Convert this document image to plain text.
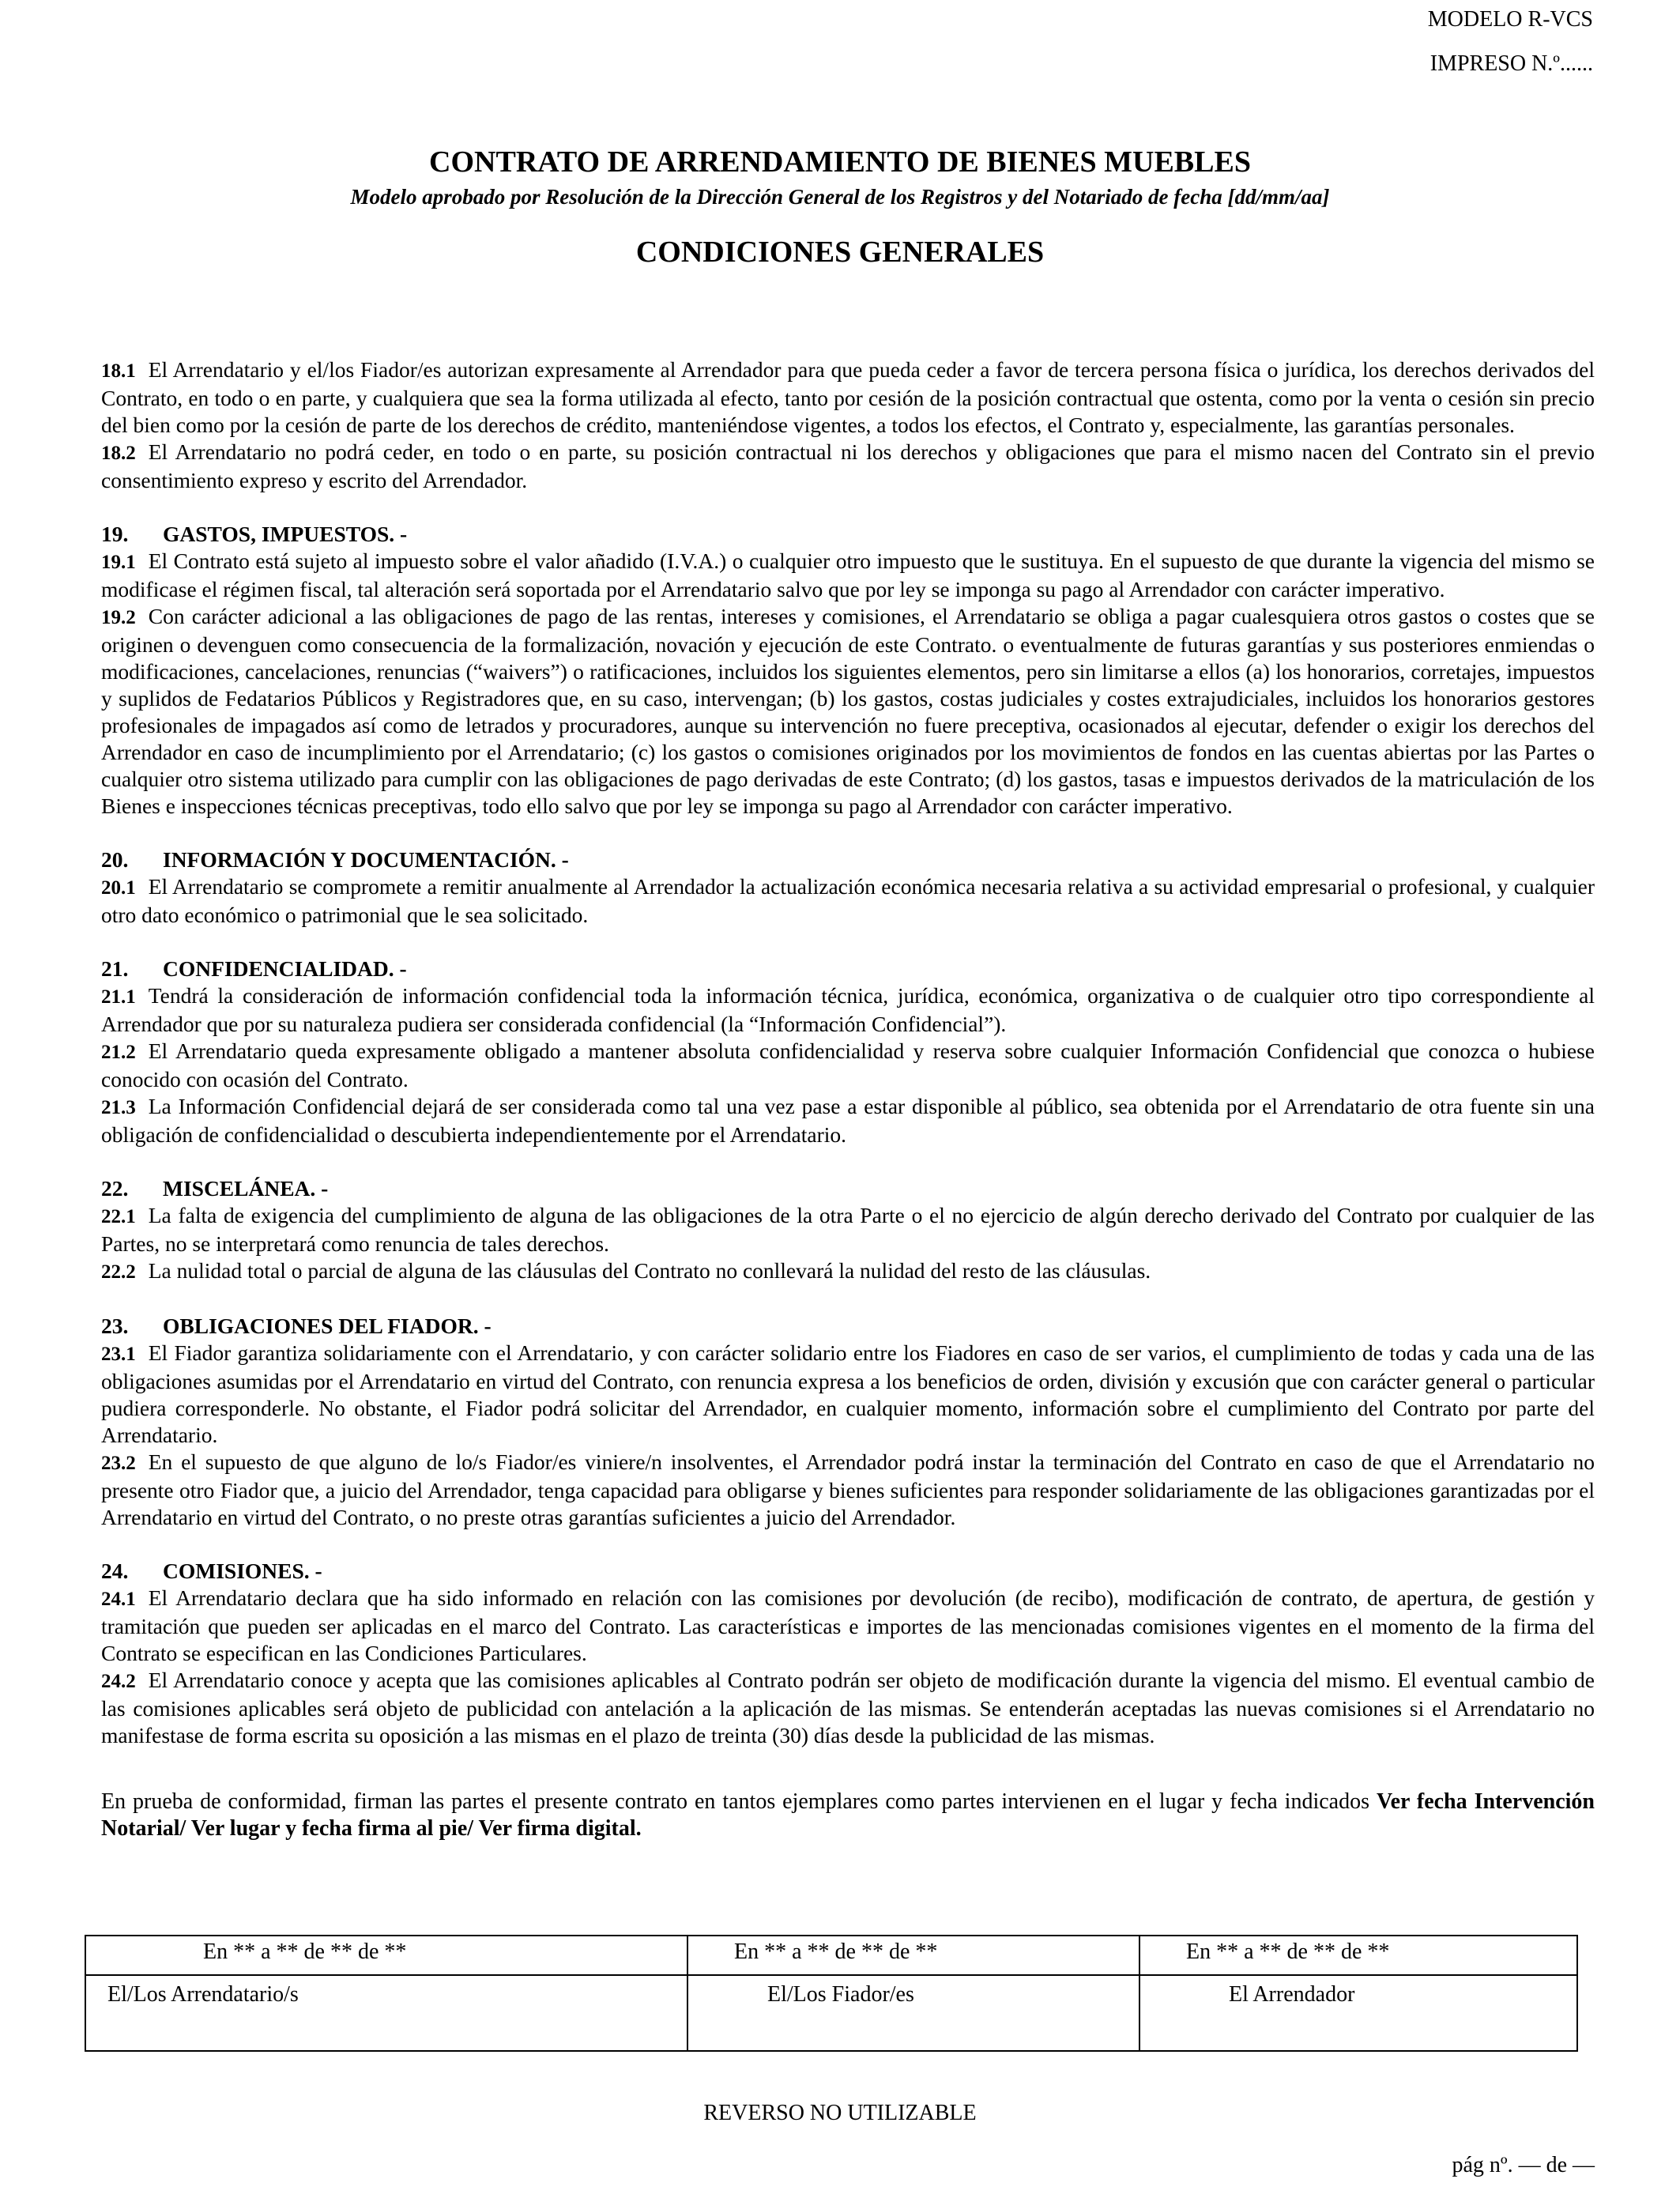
MODELO R-VCS
IMPRESO N.º......
CONTRATO DE ARRENDAMIENTO DE BIENES MUEBLES
Modelo aprobado por Resolución de la Dirección General de los Registros y del Notariado de fecha [dd/mm/aa]
CONDICIONES GENERALES

18.1 El Arrendatario y el/los Fiador/es autorizan expresamente al Arrendador para que pueda ceder a favor de tercera persona física o jurídica, los derechos derivados del Contrato, en todo o en parte, y cualquiera que sea la forma utilizada al efecto, tanto por cesión de la posición contractual que ostenta, como por la venta o cesión sin precio del bien como por la cesión de parte de los derechos de crédito, manteniéndose vigentes, a todos los efectos, el Contrato y, especialmente, las garantías personales.

18.2 El Arrendatario no podrá ceder, en todo o en parte, su posición contractual ni los derechos y obligaciones que para el mismo nacen del Contrato sin el previo consentimiento expreso y escrito del Arrendador.

19. GASTOS, IMPUESTOS. -

19.1 El Contrato está sujeto al impuesto sobre el valor añadido (I.V.A.) o cualquier otro impuesto que le sustituya. En el supuesto de que durante la vigencia del mismo se modificase el régimen fiscal, tal alteración será soportada por el Arrendatario salvo que por ley se imponga su pago al Arrendador con carácter imperativo.

19.2 Con carácter adicional a las obligaciones de pago de las rentas, intereses y comisiones, el Arrendatario se obliga a pagar cualesquiera otros gastos o costes que se originen o devenguen como consecuencia de la formalización, novación y ejecución de este Contrato. o eventualmente de futuras garantías y sus posteriores enmiendas o modificaciones, cancelaciones, renuncias (“waivers”) o ratificaciones, incluidos los siguientes elementos, pero sin limitarse a ellos (a) los honorarios, corretajes, impuestos y suplidos de Fedatarios Públicos y Registradores que, en su caso, intervengan; (b) los gastos, costas judiciales y costes extrajudiciales, incluidos los honorarios gestores profesionales de impagados así como de letrados y procuradores, aunque su intervención no fuere preceptiva, ocasionados al ejecutar, defender o exigir los derechos del Arrendador en caso de incumplimiento por el Arrendatario; (c) los gastos o comisiones originados por los movimientos de fondos en las cuentas abiertas por las Partes o cualquier otro sistema utilizado para cumplir con las obligaciones de pago derivadas de este Contrato; (d) los gastos, tasas e impuestos derivados de la matriculación de los Bienes e inspecciones técnicas preceptivas, todo ello salvo que por ley se imponga su pago al Arrendador con carácter imperativo.

20. INFORMACIÓN Y DOCUMENTACIÓN. -

20.1 El Arrendatario se compromete a remitir anualmente al Arrendador la actualización económica necesaria relativa a su actividad empresarial o profesional, y cualquier otro dato económico o patrimonial que le sea solicitado.

21. CONFIDENCIALIDAD. -

21.1 Tendrá la consideración de información confidencial toda la información técnica, jurídica, económica, organizativa o de cualquier otro tipo correspondiente al Arrendador que por su naturaleza pudiera ser considerada confidencial (la “Información Confidencial”).

21.2 El Arrendatario queda expresamente obligado a mantener absoluta confidencialidad y reserva sobre cualquier Información Confidencial que conozca o hubiese conocido con ocasión del Contrato.

21.3 La Información Confidencial dejará de ser considerada como tal una vez pase a estar disponible al público, sea obtenida por el Arrendatario de otra fuente sin una obligación de confidencialidad o descubierta independientemente por el Arrendatario.

22. MISCELÁNEA. -

22.1 La falta de exigencia del cumplimiento de alguna de las obligaciones de la otra Parte o el no ejercicio de algún derecho derivado del Contrato por cualquier de las Partes, no se interpretará como renuncia de tales derechos.

22.2 La nulidad total o parcial de alguna de las cláusulas del Contrato no conllevará la nulidad del resto de las cláusulas.

23. OBLIGACIONES DEL FIADOR. -

23.1 El Fiador garantiza solidariamente con el Arrendatario, y con carácter solidario entre los Fiadores en caso de ser varios, el cumplimiento de todas y cada una de las obligaciones asumidas por el Arrendatario en virtud del Contrato, con renuncia expresa a los beneficios de orden, división y excusión que con carácter general o particular pudiera corresponderle. No obstante, el Fiador podrá solicitar del Arrendador, en cualquier momento, información sobre el cumplimiento del Contrato por parte del Arrendatario.

23.2 En el supuesto de que alguno de lo/s Fiador/es viniere/n insolventes, el Arrendador podrá instar la terminación del Contrato en caso de que el Arrendatario no presente otro Fiador que, a juicio del Arrendador, tenga capacidad para obligarse y bienes suficientes para responder solidariamente de las obligaciones garantizadas por el Arrendatario en virtud del Contrato, o no preste otras garantías suficientes a juicio del Arrendador.

24. COMISIONES. -

24.1 El Arrendatario declara que ha sido informado en relación con las comisiones por devolución (de recibo), modificación de contrato, de apertura, de gestión y tramitación que pueden ser aplicadas en el marco del Contrato. Las características e importes de las mencionadas comisiones vigentes en el momento de la firma del Contrato se especifican en las Condiciones Particulares.

24.2 El Arrendatario conoce y acepta que las comisiones aplicables al Contrato podrán ser objeto de modificación durante la vigencia del mismo. El eventual cambio de las comisiones aplicables será objeto de publicidad con antelación a la aplicación de las mismas. Se entenderán aceptadas las nuevas comisiones si el Arrendatario no manifestase de forma escrita su oposición a las mismas en el plazo de treinta (30) días desde la publicidad de las mismas.

En prueba de conformidad, firman las partes el presente contrato en tantos ejemplares como partes intervienen en el lugar y fecha indicados Ver fecha Intervención Notarial/ Ver lugar y fecha firma al pie/ Ver firma digital.

En ** a ** de ** de **	En ** a ** de ** de **	En ** a ** de ** de **

El/Los Arrendatario/s	El/Los Fiador/es	El Arrendador
REVERSO NO UTILIZABLE
pág nº. — de —
